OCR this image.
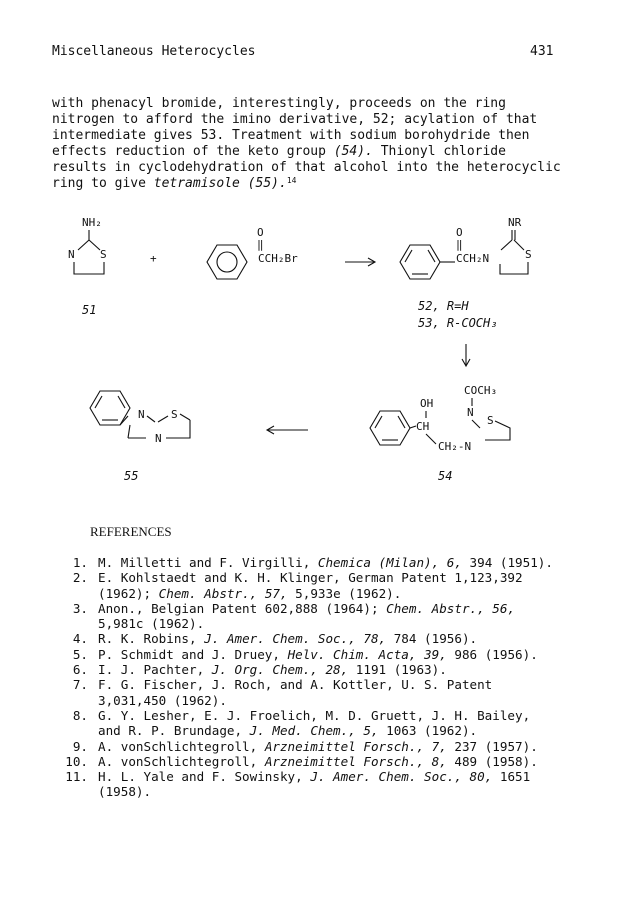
Miscellaneous Heterocycles	431
with phenacyl bromide, interestingly, proceeds on the ring
nitrogen to afford the imino derivative, 52; acylation of that
intermediate gives 53. Treatment with sodium borohydride then
effects reduction of the keto group (54). Thionyl chloride
results in cyclodehydration of that alcohol into the heterocyclic
ring to give tetramisole (55).$^{14}$
NH₂
N S
51
+
O
‖
CCH₂Br
O
‖
CCH₂N
NR
S
52, R=H
53, R-COCH₃
COCH₃
N
S
OH
CH
CH₂-N
54
N S
N
55
REFERENCES
1. M. Milletti and F. Virgilli, Chemica (Milan), 6, 394 (1951).
2. E. Kohlstaedt and K. H. Klinger, German Patent 1,123,392
(1962); Chem. Abstr., 57, 5,933e (1962).
3. Anon., Belgian Patent 602,888 (1964); Chem. Abstr., 56,
5,981c (1962).
4. R. K. Robins, J. Amer. Chem. Soc., 78, 784 (1956).
5. P. Schmidt and J. Druey, Helv. Chim. Acta, 39, 986 (1956).
6. I. J. Pachter, J. Org. Chem., 28, 1191 (1963).
7. F. G. Fischer, J. Roch, and A. Kottler, U. S. Patent
3,031,450 (1962).
8. G. Y. Lesher, E. J. Froelich, M. D. Gruett, J. H. Bailey,
and R. P. Brundage, J. Med. Chem., 5, 1063 (1962).
9. A. vonSchlichtegroll, Arzneimittel Forsch., 7, 237 (1957).
10. A. vonSchlichtegroll, Arzneimittel Forsch., 8, 489 (1958).
11. H. L. Yale and F. Sowinsky, J. Amer. Chem. Soc., 80, 1651
(1958).
